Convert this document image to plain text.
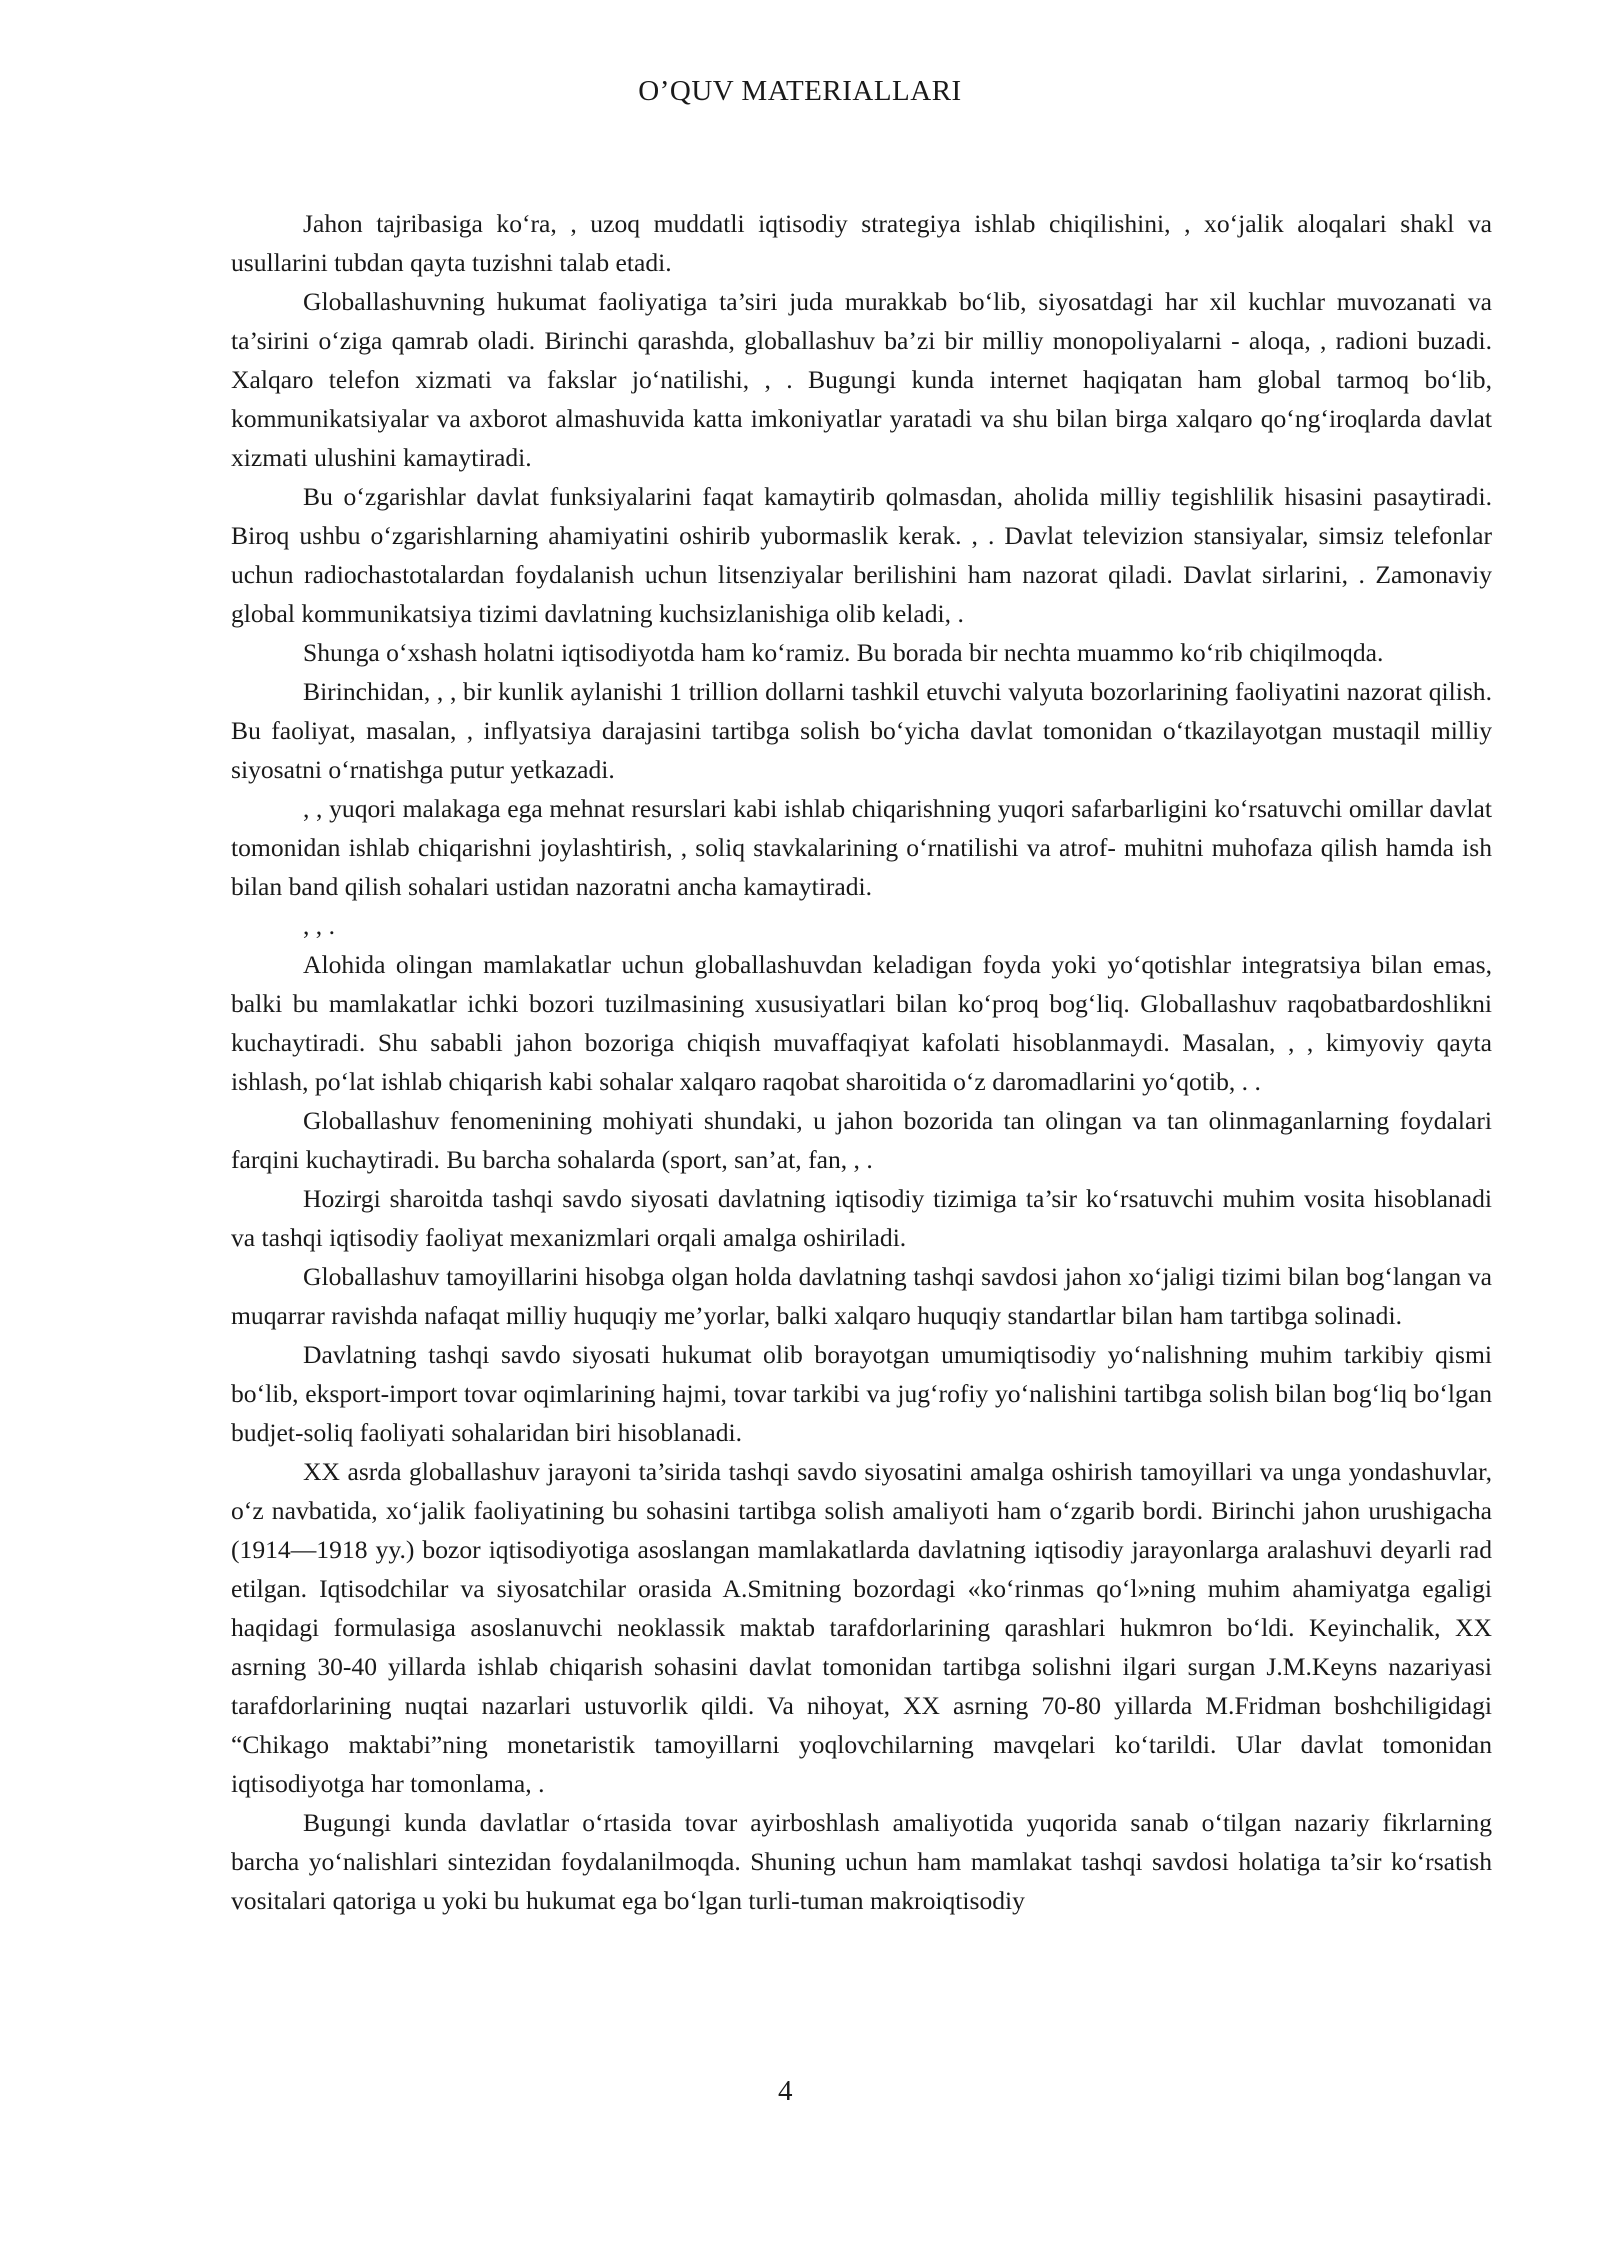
O’QUV MATERIALLARI

Jahon tajribasiga ko‘ra, , uzoq muddatli iqtisodiy strategiya ishlab chiqilishini, , xo‘jalik aloqalari shakl va usullarini tubdan qayta tuzishni talab etadi.

Globallashuvning hukumat faoliyatiga ta’siri juda murakkab bo‘lib, siyosatdagi har xil kuchlar muvozanati va ta’sirini o‘ziga qamrab oladi. Birinchi qarashda, globallashuv ba’zi bir milliy monopoliyalarni - aloqa, , radioni buzadi. Xalqaro telefon xizmati va fakslar jo‘natilishi, , . Bugungi kunda internet haqiqatan ham global tarmoq bo‘lib, kommunikatsiyalar va axborot almashuvida katta imkoniyatlar yaratadi va shu bilan birga xalqaro qo‘ng‘iroqlarda davlat xizmati ulushini kamaytiradi.

Bu o‘zgarishlar davlat funksiyalarini faqat kamaytirib qolmasdan, aholida milliy tegishlilik hisasini pasaytiradi. Biroq ushbu o‘zgarishlarning ahamiyatini oshirib yubormaslik kerak. , . Davlat televizion stansiyalar, simsiz telefonlar uchun radiochastotalardan foydalanish uchun litsenziyalar berilishini ham nazorat qiladi. Davlat sirlarini, . Zamonaviy global kommunikatsiya tizimi davlatning kuchsizlanishiga olib keladi, .

Shunga o‘xshash holatni iqtisodiyotda ham ko‘ramiz. Bu borada bir nechta muammo ko‘rib chiqilmoqda.

Birinchidan, , , bir kunlik aylanishi 1 trillion dollarni tashkil etuvchi valyuta bozorlarining faoliyatini nazorat qilish. Bu faoliyat, masalan, , inflyatsiya darajasini tartibga solish bo‘yicha davlat tomonidan o‘tkazilayotgan mustaqil milliy siyosatni o‘rnatishga putur yetkazadi.

, , yuqori malakaga ega mehnat resurslari kabi ishlab chiqarishning yuqori safarbarligini ko‘rsatuvchi omillar davlat tomonidan ishlab chiqarishni joylashtirish, , soliq stavkalarining o‘rnatilishi va atrof- muhitni muhofaza qilish hamda ish bilan band qilish sohalari ustidan nazoratni ancha kamaytiradi.

, , .

Alohida olingan mamlakatlar uchun globallashuvdan keladigan foyda yoki yo‘qotishlar integratsiya bilan emas, balki bu mamlakatlar ichki bozori tuzilmasining xususiyatlari bilan ko‘proq bog‘liq. Globallashuv raqobatbardoshlikni kuchaytiradi. Shu sababli jahon bozoriga chiqish muvaffaqiyat kafolati hisoblanmaydi. Masalan, , , kimyoviy qayta ishlash, po‘lat ishlab chiqarish kabi sohalar xalqaro raqobat sharoitida o‘z daromadlarini yo‘qotib, . .

Globallashuv fenomenining mohiyati shundaki, u jahon bozorida tan olingan va tan olinmaganlarning foydalari farqini kuchaytiradi. Bu barcha sohalarda (sport, san’at, fan, , .

Hozirgi sharoitda tashqi savdo siyosati davlatning iqtisodiy tizimiga ta’sir ko‘rsatuvchi muhim vosita hisoblanadi va tashqi iqtisodiy faoliyat mexanizmlari orqali amalga oshiriladi.

Globallashuv tamoyillarini hisobga olgan holda davlatning tashqi savdosi jahon xo‘jaligi tizimi bilan bog‘langan va muqarrar ravishda nafaqat milliy huquqiy me’yorlar, balki xalqaro huquqiy standartlar bilan ham tartibga solinadi.

Davlatning tashqi savdo siyosati hukumat olib borayotgan umumiqtisodiy yo‘nalishning muhim tarkibiy qismi bo‘lib, eksport-import tovar oqimlarining hajmi, tovar tarkibi va jug‘rofiy yo‘nalishini tartibga solish bilan bog‘liq bo‘lgan budjet-soliq faoliyati sohalaridan biri hisoblanadi.

XX asrda globallashuv jarayoni ta’sirida tashqi savdo siyosatini amalga oshirish tamoyillari va unga yondashuvlar, o‘z navbatida, xo‘jalik faoliyatining bu sohasini tartibga solish amaliyoti ham o‘zgarib bordi. Birinchi jahon urushigacha (1914—1918 yy.) bozor iqtisodiyotiga asoslangan mamlakatlarda davlatning iqtisodiy jarayonlarga aralashuvi deyarli rad etilgan. Iqtisodchilar va siyosatchilar orasida A.Smitning bozordagi «ko‘rinmas qo‘l»ning muhim ahamiyatga egaligi haqidagi formulasiga asoslanuvchi neoklassik maktab tarafdorlarining qarashlari hukmron bo‘ldi. Keyinchalik, XX asrning 30-40 yillarda ishlab chiqarish sohasini davlat tomonidan tartibga solishni ilgari surgan J.M.Keyns nazariyasi tarafdorlarining nuqtai nazarlari ustuvorlik qildi. Va nihoyat, XX asrning 70-80 yillarda M.Fridman boshchiligidagi “Chikago maktabi”ning monetaristik tamoyillarni yoqlovchilarning mavqelari ko‘tarildi. Ular davlat tomonidan iqtisodiyotga har tomonlama, .

Bugungi kunda davlatlar o‘rtasida tovar ayirboshlash amaliyotida yuqorida sanab o‘tilgan nazariy fikrlarning barcha yo‘nalishlari sintezidan foydalanilmoqda. Shuning uchun ham mamlakat tashqi savdosi holatiga ta’sir ko‘rsatish vositalari qatoriga u yoki bu hukumat ega bo‘lgan turli-tuman makroiqtisodiy

4
